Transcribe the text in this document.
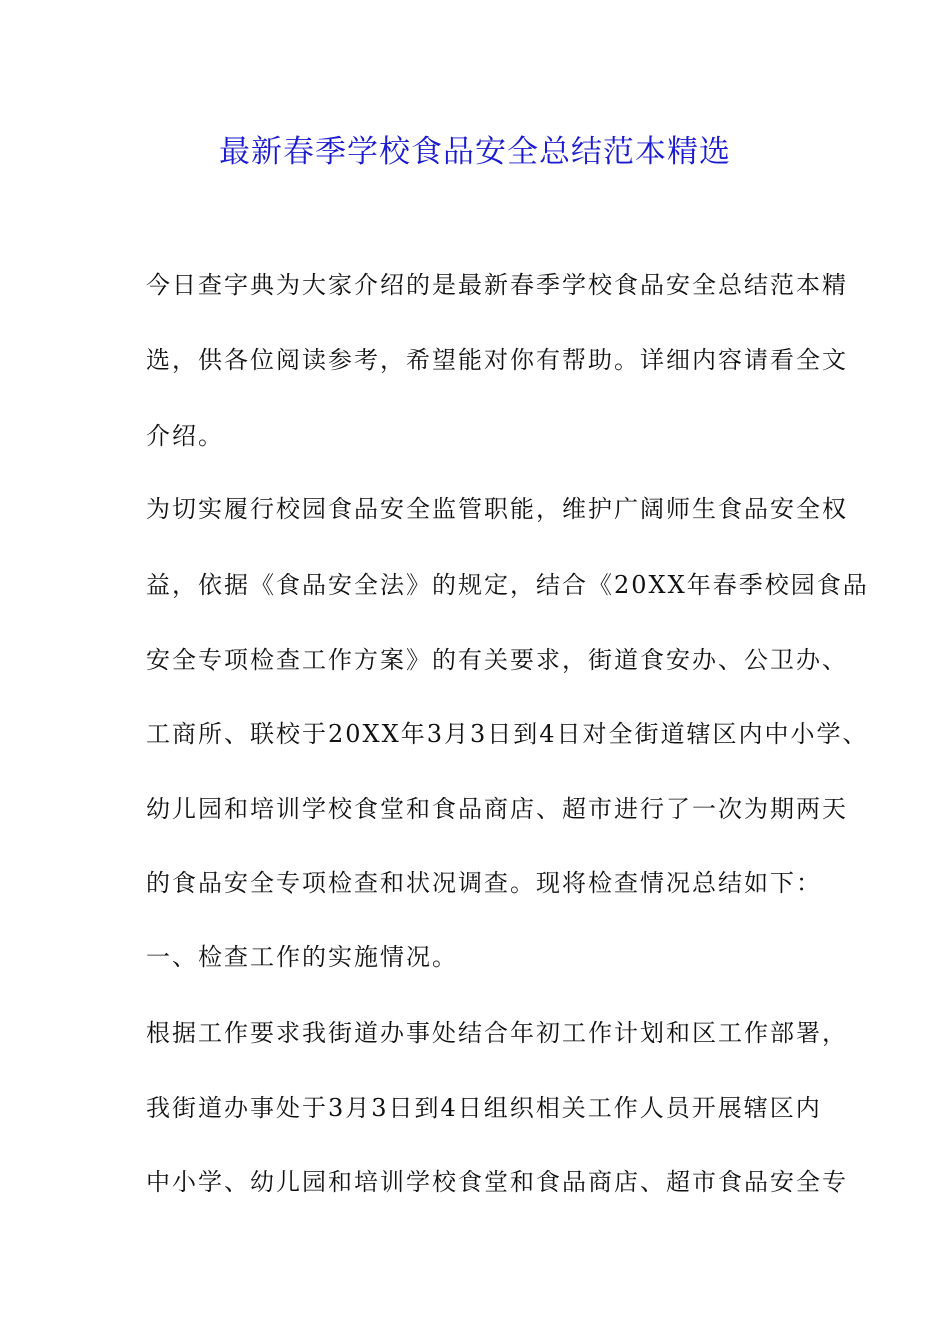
最新春季学校食品安全总结范本精选

今日查字典为大家介绍的是最新春季学校食品安全总结范本精

选，供各位阅读参考，希望能对你有帮助。详细内容请看全文

介绍。

为切实履行校园食品安全监管职能，维护广阔师生食品安全权

益，依据《食品安全法》的规定，结合《20XX年春季校园食品

安全专项检查工作方案》的有关要求，街道食安办、公卫办、

工商所、联校于20XX年3月3日到4日对全街道辖区内中小学、

幼儿园和培训学校食堂和食品商店、超市进行了一次为期两天

的食品安全专项检查和状况调查。现将检查情况总结如下：

一、检查工作的实施情况。

根据工作要求我街道办事处结合年初工作计划和区工作部署，

我街道办事处于3月3日到4日组织相关工作人员开展辖区内

中小学、幼儿园和培训学校食堂和食品商店、超市食品安全专
